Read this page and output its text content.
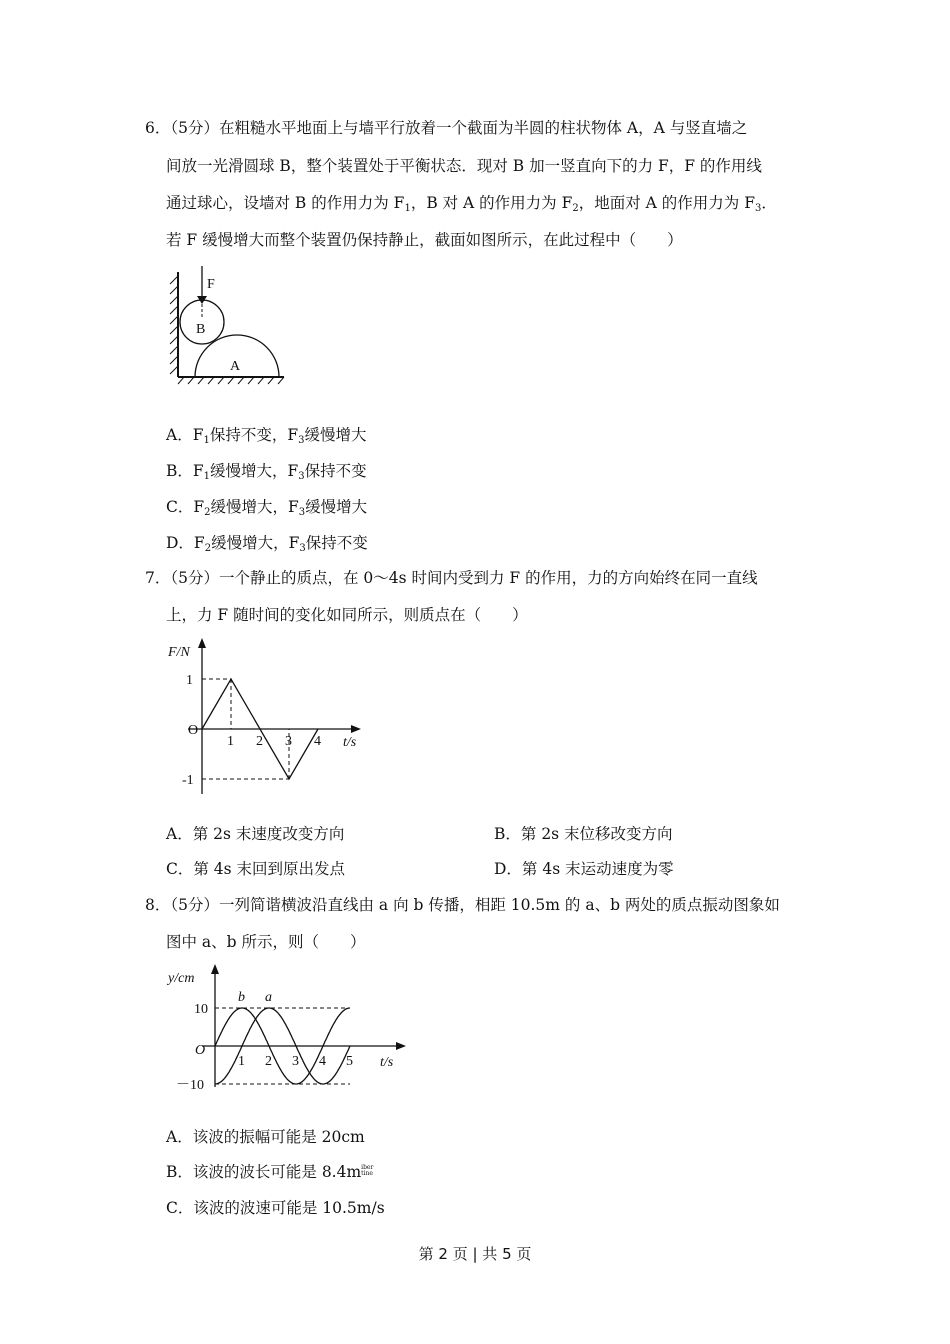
6．（5分）在粗糙水平地面上与墙平行放着一个截面为半圆的柱状物体 A，A 与竖直墙之
间放一光滑圆球 B，整个装置处于平衡状态．现对 B 加一竖直向下的力 F，F 的作用线
通过球心，设墙对 B 的作用力为 $F_1$，B 对 A 的作用力为 $F_2$，地面对 A 的作用力为 $F_3$．
若 F 缓慢增大而整个装置仍保持静止，截面如图所示，在此过程中（　　）
F
B
A
A．$F_1$保持不变，$F_3$缓慢增大
B．$F_1$缓慢增大，$F_3$保持不变
C．$F_2$缓慢增大，$F_3$缓慢增大
D．$F_2$缓慢增大，$F_3$保持不变
7．（5分）一个静止的质点，在 0～4s 时间内受到力 F 的作用，力的方向始终在同一直线
上，力 F 随时间的变化如同所示，则质点在（　　）
F/N
t/s
O
1 2 3 4
1
-1
A．第 2s 末速度改变方向	B．第 2s 末位移改变方向
C．第 4s 末回到原出发点	D．第 4s 末运动速度为零
8．（5分）一列简谐横波沿直线由 a 向 b 传播，相距 10.5m 的 a、b 两处的质点振动图象如
图中 a、b 所示，则（　　）
b a
y/cm
t/s
O
1 2 3 4 5
10
－10
A．该波的振幅可能是 20cm
B．该波的波长可能是 8.4m iber
tine
C．该波的波速可能是 10.5m/s
第 2 页 | 共 5 页
